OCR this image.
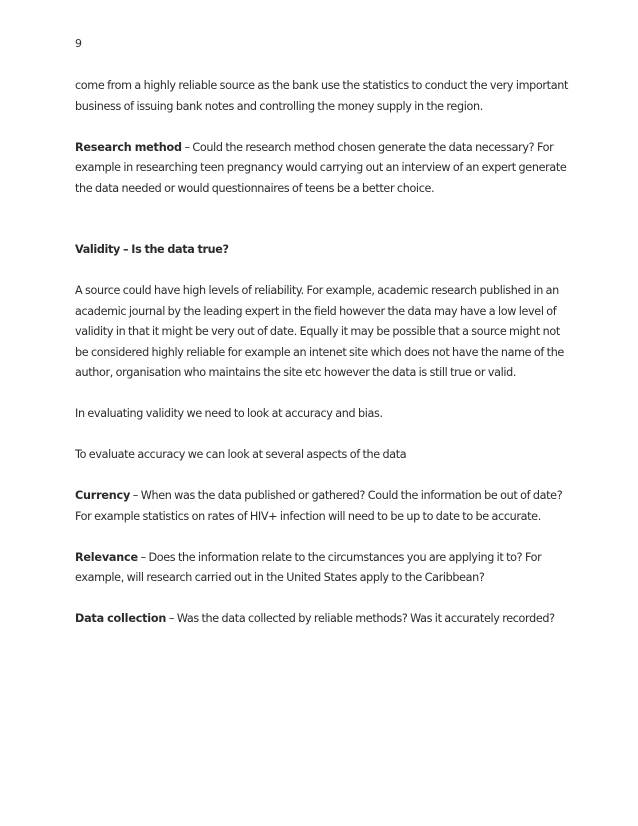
9

come from a highly reliable source as the bank use the statistics to conduct the very important business of issuing bank notes and controlling the money supply in the region.

Research method – Could the research method chosen generate the data necessary? For example in researching teen pregnancy would carrying out an interview of an expert generate the data needed or would questionnaires of teens be a better choice.

Validity – Is the data true?

A source could have high levels of reliability. For example, academic research published in an academic journal by the leading expert in the field however the data may have a low level of validity in that it might be very out of date. Equally it may be possible that a source might not be considered highly reliable for example an intenet site which does not have the name of the author, organisation who maintains the site etc however the data is still true or valid.

In evaluating validity we need to look at accuracy and bias.

To evaluate accuracy we can look at several aspects of the data

Currency – When was the data published or gathered? Could the information be out of date? For example statistics on rates of HIV+ infection will need to be up to date to be accurate.

Relevance – Does the information relate to the circumstances you are applying it to? For example, will research carried out in the United States apply to the Caribbean?

Data collection – Was the data collected by reliable methods? Was it accurately recorded?
